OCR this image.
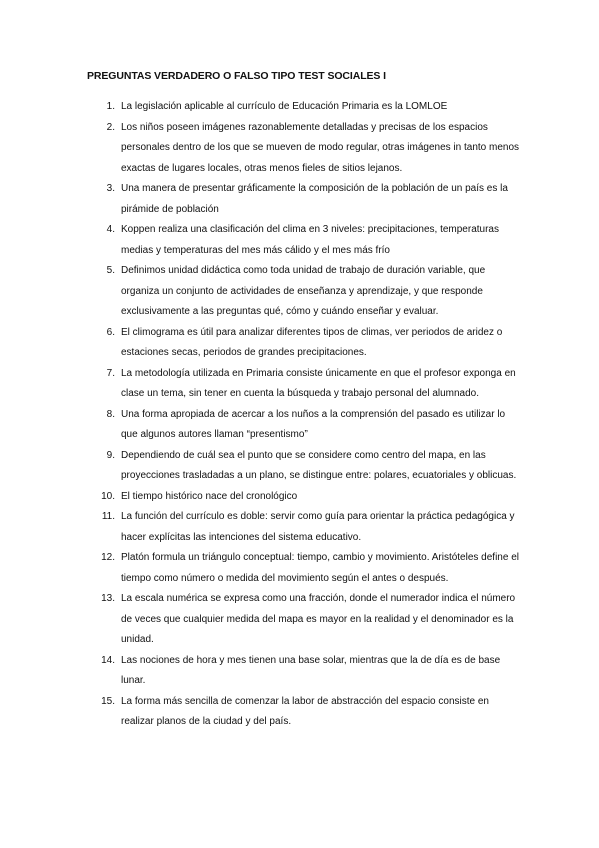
PREGUNTAS VERDADERO O FALSO TIPO TEST SOCIALES I
1. La legislación aplicable al currículo de Educación Primaria es la LOMLOE
2. Los niños poseen imágenes razonablemente detalladas y precisas de los espacios personales dentro de los que se mueven de modo regular, otras imágenes in tanto menos exactas de lugares locales, otras menos fieles de sitios lejanos.
3. Una manera de presentar gráficamente la composición de la población de un país es la pirámide de población
4. Koppen realiza una clasificación del clima en 3 niveles: precipitaciones, temperaturas medias y temperaturas del mes más cálido y el mes más frío
5. Definimos unidad didáctica como toda unidad de trabajo de duración variable, que organiza un conjunto de actividades de enseñanza y aprendizaje, y que responde exclusivamente a las preguntas qué, cómo y cuándo enseñar y evaluar.
6. El climograma es útil para analizar diferentes tipos de climas, ver periodos de aridez o estaciones secas, periodos de grandes precipitaciones.
7. La metodología utilizada en Primaria consiste únicamente en que el profesor exponga en clase un tema, sin tener en cuenta la búsqueda y trabajo personal del alumnado.
8. Una forma apropiada de acercar a los nuños a la comprensión del pasado es utilizar lo que algunos autores llaman “presentismo”
9. Dependiendo de cuál sea el punto que se considere como centro del mapa, en las proyecciones trasladadas a un plano, se distingue entre: polares, ecuatoriales y oblicuas.
10. El tiempo histórico nace del cronológico
11. La función del currículo es doble: servir como guía para orientar la práctica pedagógica y hacer explícitas las intenciones del sistema educativo.
12. Platón formula un triángulo conceptual: tiempo, cambio y movimiento. Aristóteles define el tiempo como número o medida del movimiento según el antes o después.
13. La escala numérica se expresa como una fracción, donde el numerador indica el número de veces que cualquier medida del mapa es mayor en la realidad y el denominador es la unidad.
14. Las nociones de hora y mes tienen una base solar, mientras que la de día es de base lunar.
15. La forma más sencilla de comenzar la labor de abstracción del espacio consiste en realizar planos de la ciudad y del país.
